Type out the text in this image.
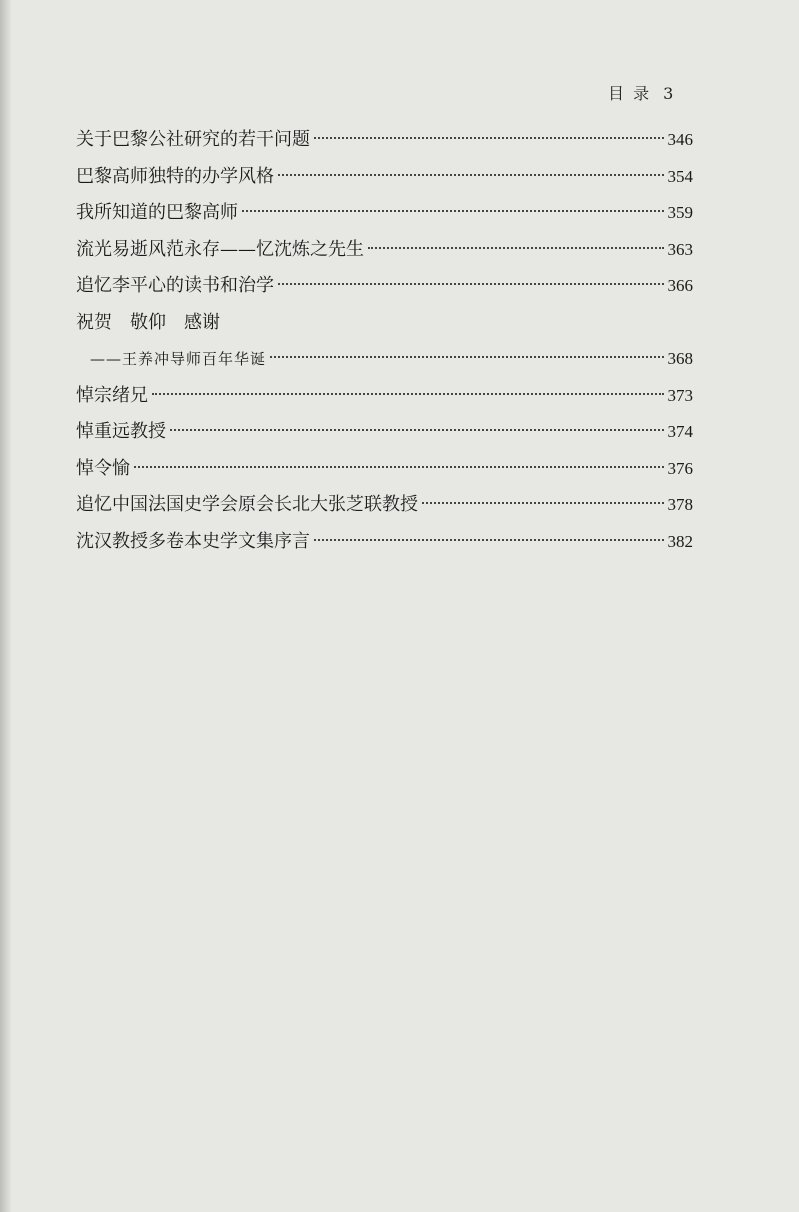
目 录 3
关于巴黎公社研究的若干问题	346
巴黎高师独特的办学风格	354
我所知道的巴黎高师	359
流光易逝风范永存——忆沈炼之先生	363
追忆李平心的读书和治学	366
祝贺　敬仰　感谢
——王养冲导师百年华诞	368
悼宗绪兄	373
悼重远教授	374
悼令愉	376
追忆中国法国史学会原会长北大张芝联教授	378
沈汉教授多卷本史学文集序言	382
